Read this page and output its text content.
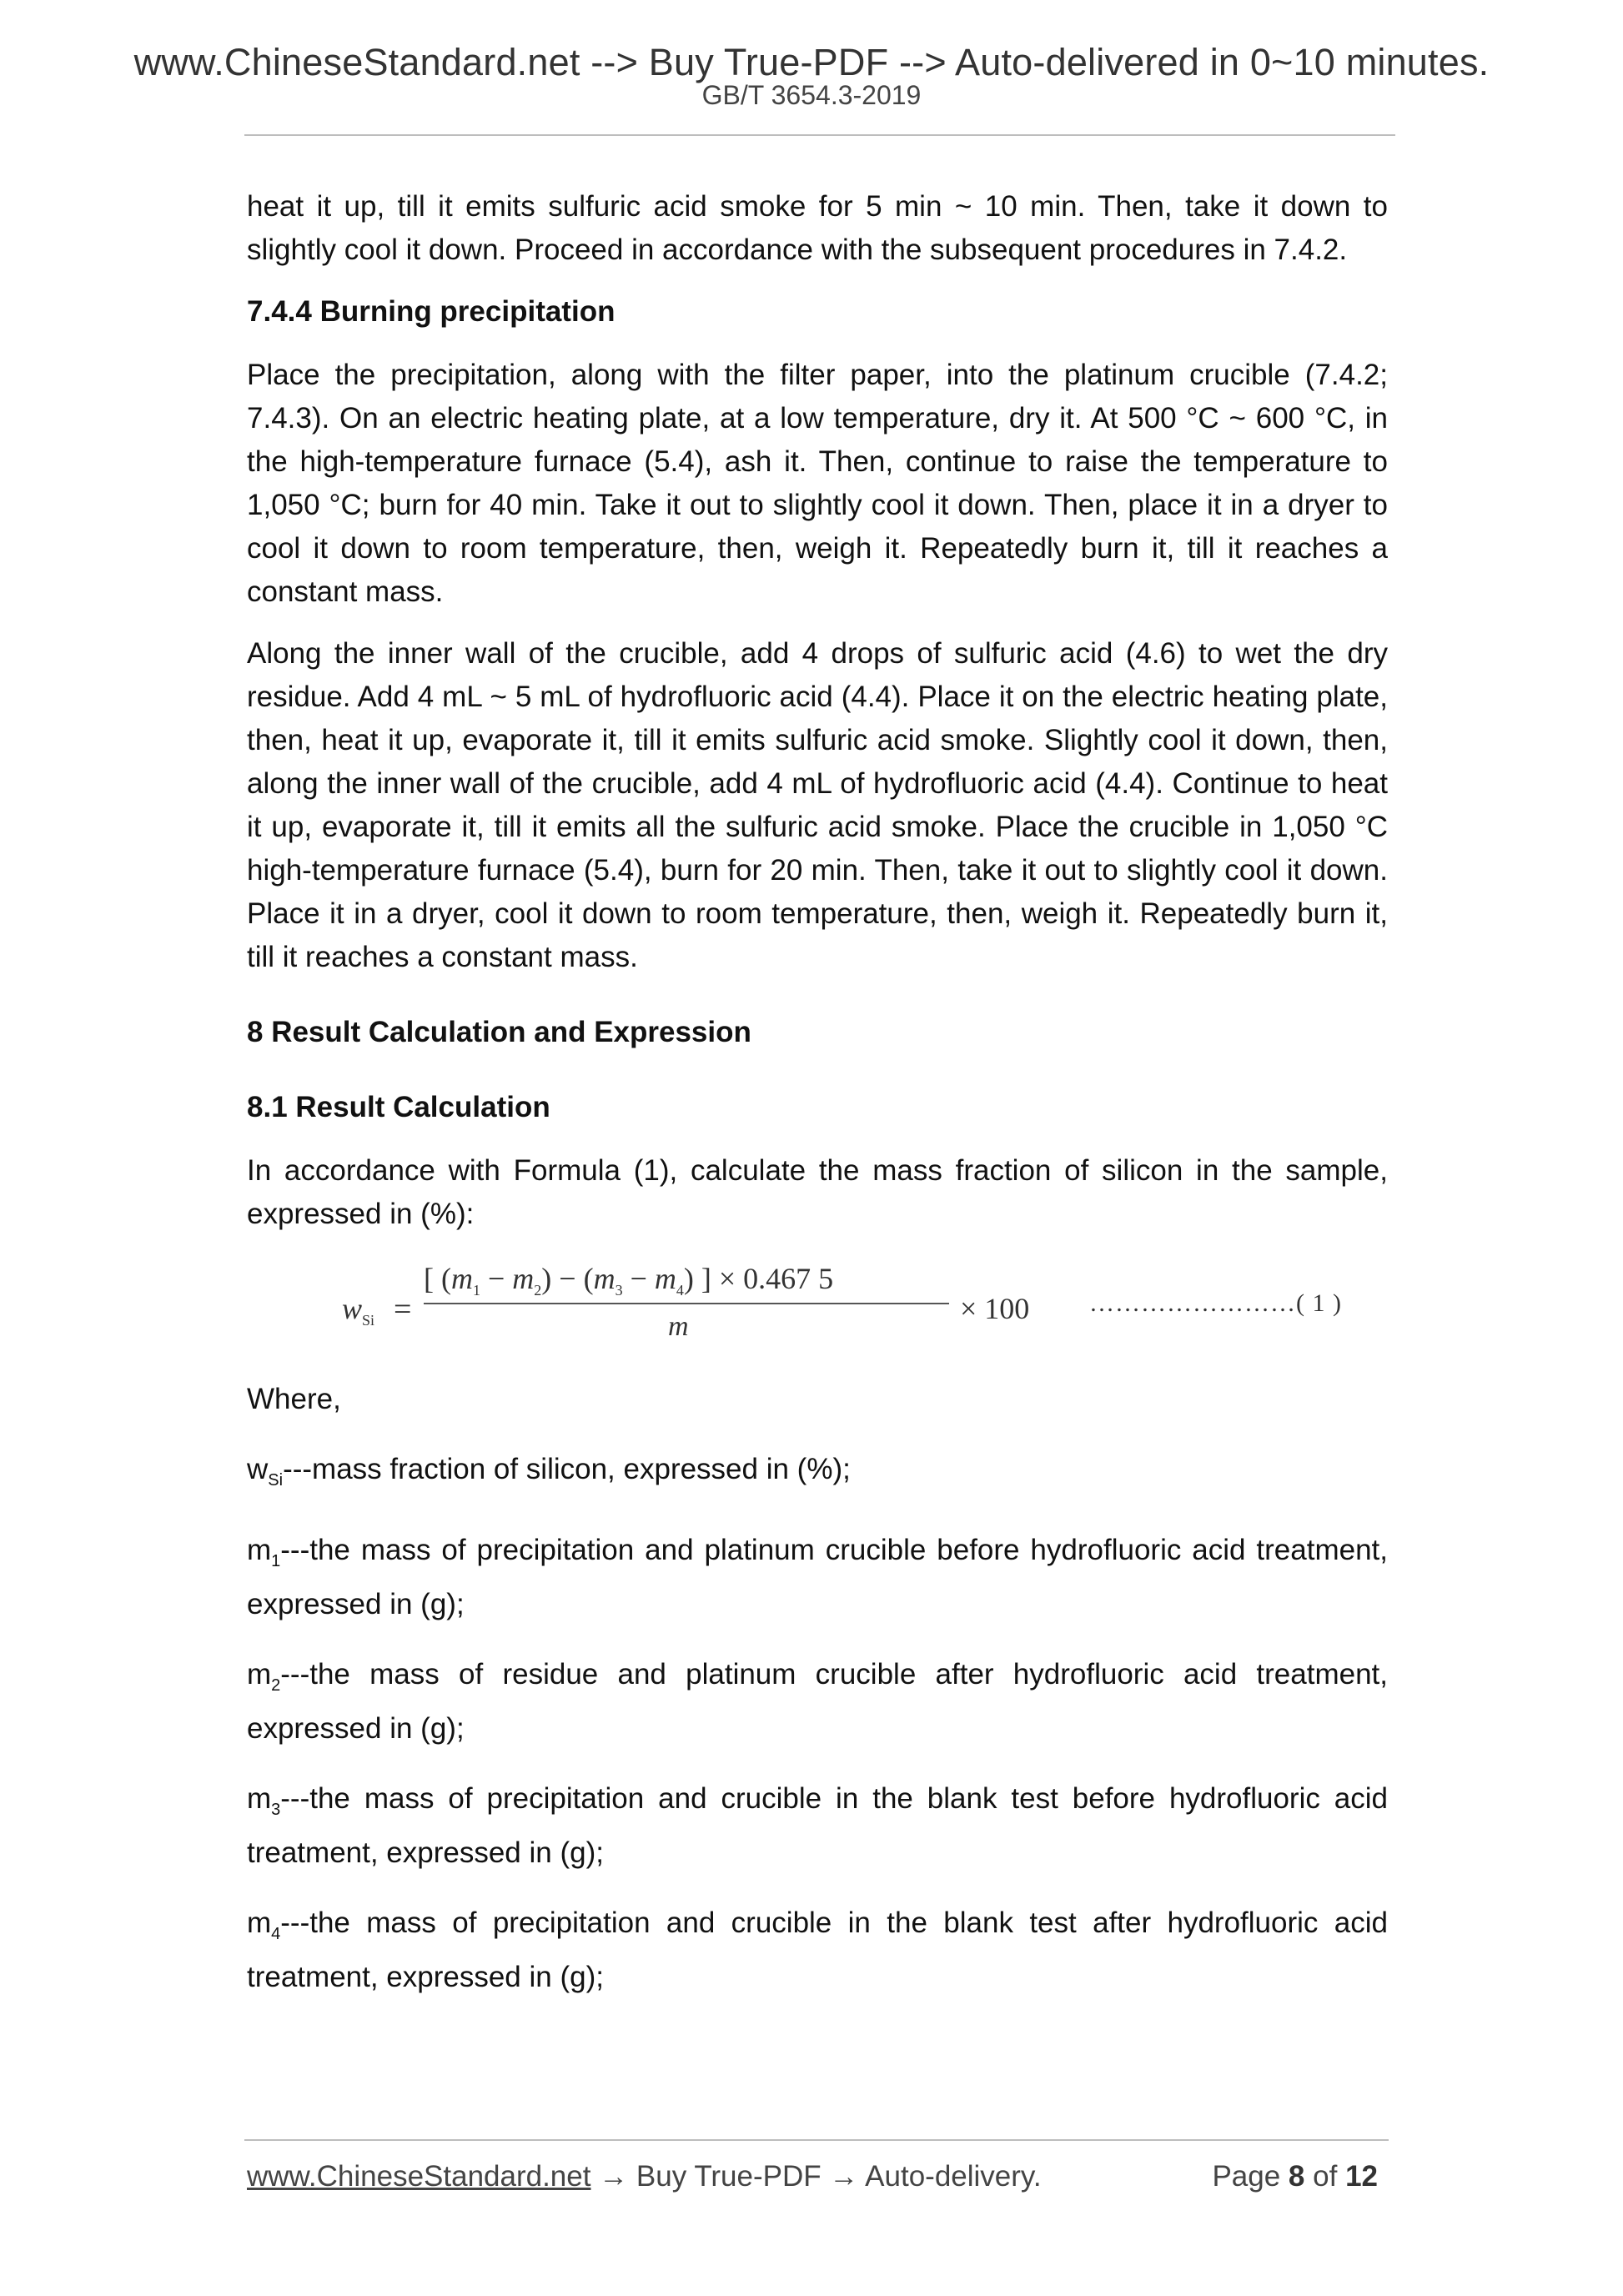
www.ChineseStandard.net --> Buy True-PDF --> Auto-delivered in 0~10 minutes.
GB/T 3654.3-2019

heat it up, till it emits sulfuric acid smoke for 5 min ~ 10 min. Then, take it down to slightly cool it down. Proceed in accordance with the subsequent procedures in 7.4.2.

7.4.4 Burning precipitation

Place the precipitation, along with the filter paper, into the platinum crucible (7.4.2; 7.4.3). On an electric heating plate, at a low temperature, dry it. At 500 °C ~ 600 °C, in the high-temperature furnace (5.4), ash it. Then, continue to raise the temperature to 1,050 °C; burn for 40 min. Take it out to slightly cool it down. Then, place it in a dryer to cool it down to room temperature, then, weigh it. Repeatedly burn it, till it reaches a constant mass.

Along the inner wall of the crucible, add 4 drops of sulfuric acid (4.6) to wet the dry residue. Add 4 mL ~ 5 mL of hydrofluoric acid (4.4). Place it on the electric heating plate, then, heat it up, evaporate it, till it emits sulfuric acid smoke. Slightly cool it down, then, along the inner wall of the crucible, add 4 mL of hydrofluoric acid (4.4). Continue to heat it up, evaporate it, till it emits all the sulfuric acid smoke. Place the crucible in 1,050 °C high-temperature furnace (5.4), burn for 20 min. Then, take it out to slightly cool it down. Place it in a dryer, cool it down to room temperature, then, weigh it. Repeatedly burn it, till it reaches a constant mass.

8 Result Calculation and Expression

8.1 Result Calculation

In accordance with Formula (1), calculate the mass fraction of silicon in the sample, expressed in (%):

$w_{Si}$ =
[ $(m_1 - m_2) - (m_3 - m_4)$ ] × 0.467 5
m
× 100 ……………………( 1 )

Where,

$w_{Si}--$-mass fraction of silicon, expressed in (%);

$m_1--$-the mass of precipitation and platinum crucible before hydrofluoric acid treatment, expressed in (g);

$m_2--$-the mass of residue and platinum crucible after hydrofluoric acid treatment, expressed in (g);

$m_3--$-the mass of precipitation and crucible in the blank test before hydrofluoric acid treatment, expressed in (g);

$m_4--$-the mass of precipitation and crucible in the blank test after hydrofluoric acid treatment, expressed in (g);

www.ChineseStandard.net → Buy True-PDF → Auto-delivery.	Page 8 of 12
